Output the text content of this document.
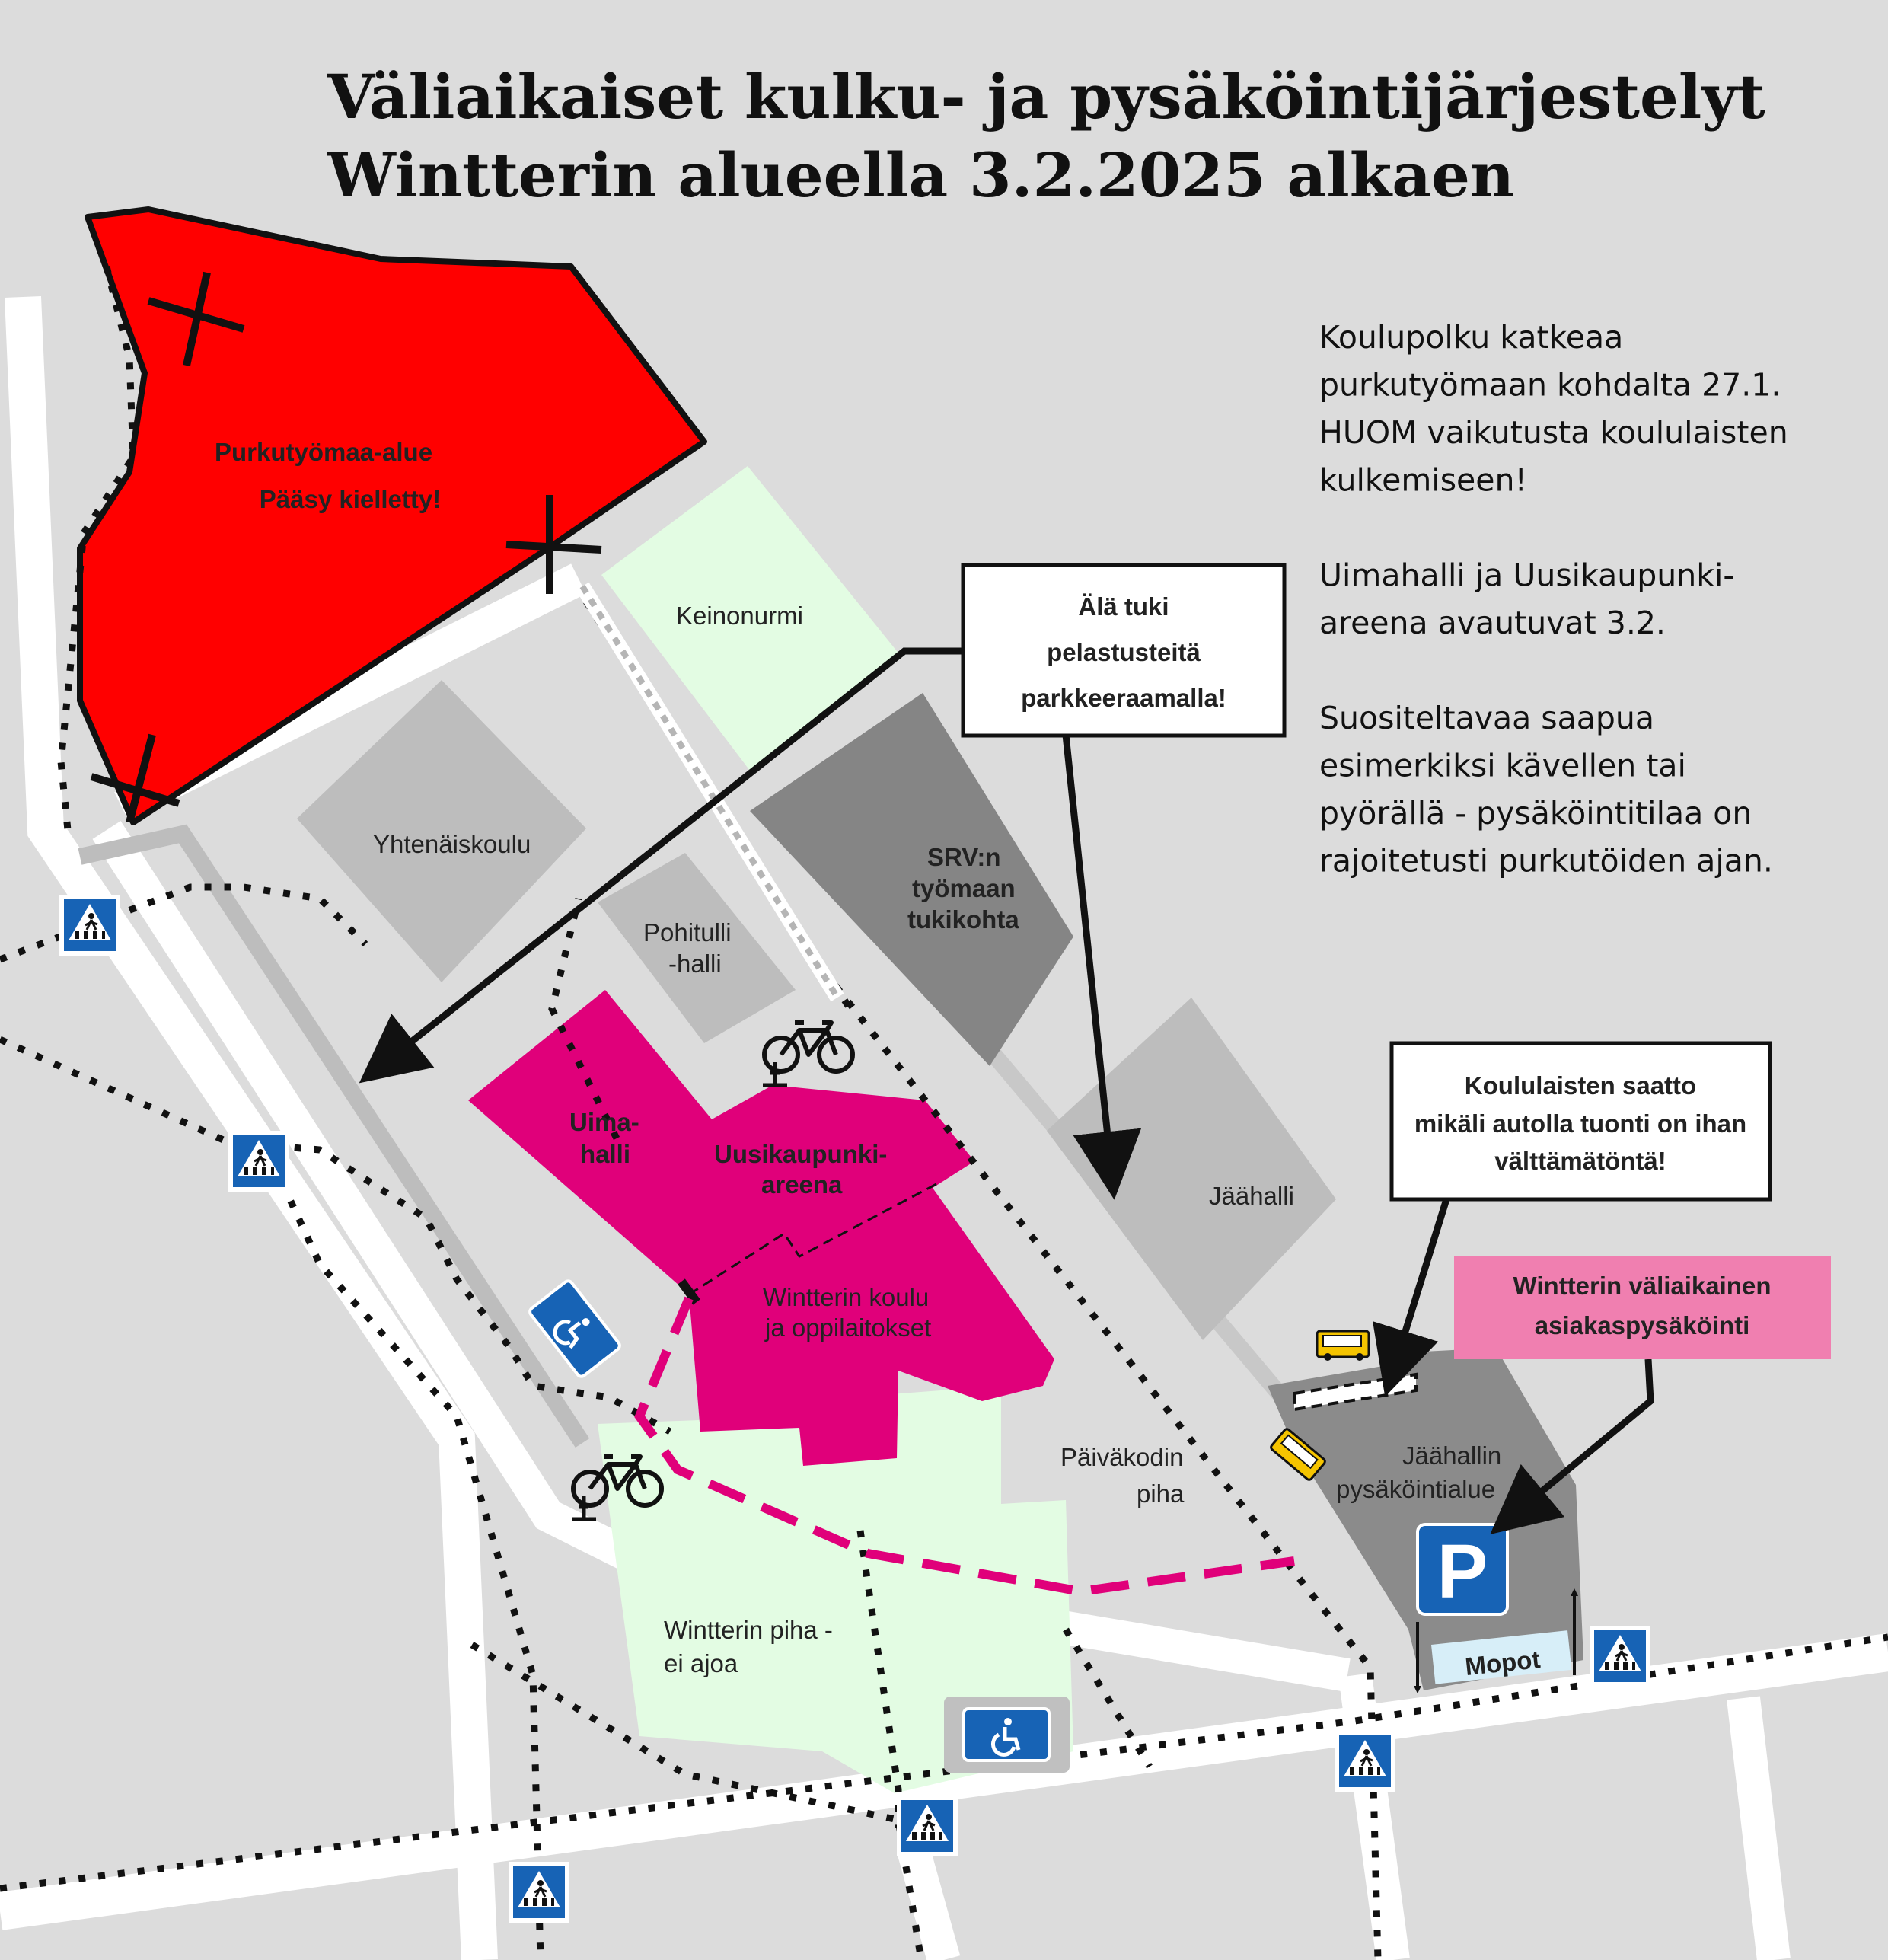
Purkutyömaa-alue
Pääsy kielletty!
Mopot
P
Keinonurmi
Yhtenäiskoulu
Pohitulli
-halli
SRV:n
työmaan
tukikohta
Uima-
halli	Uusikaupunki-
areena
Wintterin koulu
ja oppilaitokset
Jäähalli
Päiväkodin
piha
Wintterin piha -
ei ajoa
Jäähallin
pysäköintialue
Älä tuki
pelastusteitä
parkkeeraamalla!
Koululaisten saatto
mikäli autolla tuonti on ihan
välttämätöntä!
Wintterin väliaikainen
asiakaspysäköinti
Väliaikaiset kulku- ja pysäköintijärjestelyt
Wintterin alueella 3.2.2025 alkaen
Koulupolku katkeaa
purkutyömaan kohdalta 27.1.
HUOM vaikutusta koululaisten
kulkemiseen!
Uimahalli ja Uusikaupunki-
areena avautuvat 3.2.
Suositeltavaa saapua
esimerkiksi kävellen tai
pyörällä - pysäköintitilaa on
rajoitetusti purkutöiden ajan.
